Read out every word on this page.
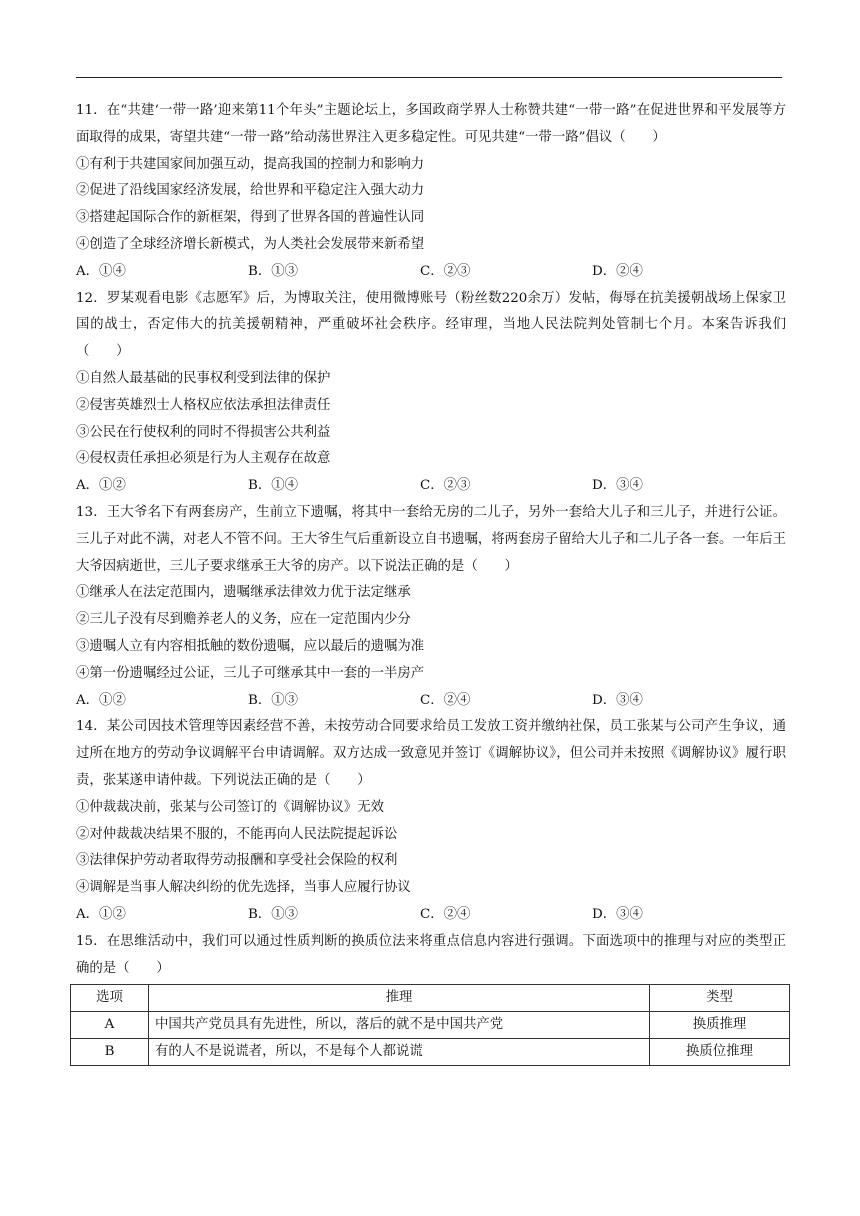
11．在“共建‘一带一路’迎来第11个年头”主题论坛上，多国政商学界人士称赞共建“一带一路”在促进世界和平发展等方面取得的成果，寄望共建“一带一路”给动荡世界注入更多稳定性。可见共建“一带一路”倡议（　　）
①有利于共建国家间加强互动，提高我国的控制力和影响力
②促进了沿线国家经济发展，给世界和平稳定注入强大动力
③搭建起国际合作的新框架，得到了世界各国的普遍性认同
④创造了全球经济增长新模式，为人类社会发展带来新希望
A．①④	B．①③	C．②③	D．②④
12．罗某观看电影《志愿军》后，为博取关注，使用微博账号（粉丝数220余万）发帖，侮辱在抗美援朝战场上保家卫国的战士，否定伟大的抗美援朝精神，严重破坏社会秩序。经审理，当地人民法院判处管制七个月。本案告诉我们（　　）
①自然人最基础的民事权利受到法律的保护
②侵害英雄烈士人格权应依法承担法律责任
③公民在行使权利的同时不得损害公共利益
④侵权责任承担必须是行为人主观存在故意
A．①②	B．①④	C．②③	D．③④
13．王大爷名下有两套房产，生前立下遗嘱，将其中一套给无房的二儿子，另外一套给大儿子和三儿子，并进行公证。三儿子对此不满，对老人不管不问。王大爷生气后重新设立自书遗嘱，将两套房子留给大儿子和二儿子各一套。一年后王大爷因病逝世，三儿子要求继承王大爷的房产。以下说法正确的是（　　）
①继承人在法定范围内，遗嘱继承法律效力优于法定继承
②三儿子没有尽到赡养老人的义务，应在一定范围内少分
③遗嘱人立有内容相抵触的数份遗嘱，应以最后的遗嘱为准
④第一份遗嘱经过公证，三儿子可继承其中一套的一半房产
A．①②	B．①③	C．②④	D．③④
14．某公司因技术管理等因素经营不善，未按劳动合同要求给员工发放工资并缴纳社保，员工张某与公司产生争议，通过所在地方的劳动争议调解平台申请调解。双方达成一致意见并签订《调解协议》，但公司并未按照《调解协议》履行职责，张某遂申请仲裁。下列说法正确的是（　　）
①仲裁裁决前，张某与公司签订的《调解协议》无效
②对仲裁裁决结果不服的，不能再向人民法院提起诉讼
③法律保护劳动者取得劳动报酬和享受社会保险的权利
④调解是当事人解决纠纷的优先选择，当事人应履行协议
A．①②	B．①③	C．②④	D．③④
15．在思维活动中，我们可以通过性质判断的换质位法来将重点信息内容进行强调。下面选项中的推理与对应的类型正确的是（　　）
选项	推理	类型
A	中国共产党员具有先进性，所以，落后的就不是中国共产党	换质推理
B	有的人不是说谎者，所以，不是每个人都说谎	换质位推理
